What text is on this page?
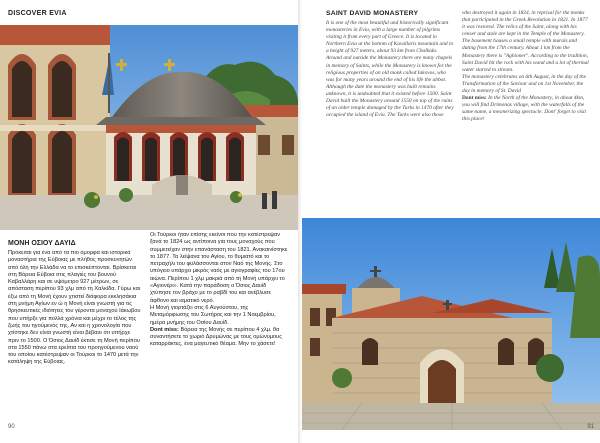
DISCOVER EVIA	SAINT DAVID MONASTERY

It is one of the most beautiful and historically significant monasteries in Evia, with a large number of pilgrims visiting it from every part of Greece. It is located in Northern Evia at the bottom of Kavallaris mountain and in a height of 927 meters, about 93 km from Chalkida. Around and outside the Monastery there are many chapels in memory of Saints, while the Monastery is known for the religious properties of an old monk called Iakovos, who was for many years around the end of his life the abbot. Although the date the monastery was built remains unknown, it is undoubted that it existed before 1500. Saint David built the Monastery around 1550 on top of the ruins of an older temple damaged by the Turks in 1470 after they occupied the island of Evia. The Turks were also those

who destroyed it again in 1824, in reprisal for the monks that participated in the Greek Revolution in 1821. In 1877 it was restored. The relics of the Saint, along with his censer and stole are kept in the Temple of the Monastery. The basement houses a small temple with murals and dating from the 17th century. About 1 km from the Monastery there is "Aghioner". According to the tradition, Saint David hit the rock with his wand and a lot of thermal water started to stream.

The monastery celebrates on 6th August, in the day of the Transformation of the Saviour and on 1st November, the day in memory of St. David

Dont miss: In the North of the Monastery, in about 4km, you will find Drimonas village, with the waterfalls of the same name, a mesmerizing spectacle. Dont' forget to visit this place!

ΜΟΝΗ ΟΣΙΟΥ ΔΑΥΙΔ

Πρόκειται για ένα από τα πιο όμορφα και ιστορικά μοναστήρια της Εύβοιας με πλήθος προσκυνητών από όλη την Ελλάδα να το επισκέπτονται. Βρίσκεται στη Βόρεια Εύβοια στις πλαγιές του βουνού Καβαλλάρη και σε υψόμετρο 927 μέτρων, σε απόσταση περίπου 93 χλμ από τη Χαλκίδα. Γύρω και έξω από τη Μονή έχουν χτιστεί διάφορα εκκλησάκια στη μνήμη Αγίων εν ώ η Μονή είναι γνωστή για τις θρησκευτικές ιδιότητες του γέροντα μοναχού Ιάκωβου που υπήρξε για πολλά χρόνια και μέχρι το τέλος της ζωής του ηγούμενός της. Αν και η χρονολογία που χτίστηκε δεν είναι γνωστή είναι βέβαιο ότι υπήρχε πριν το 1500. Ο Όσιος Δαυίδ έκτισε τη Μονή περίπου στα 1550 πάνω στα ερείπια του προηγούμενου ναού του οποίου κατέστρεψαν οι Τούρκοι το 1470 μετά την κατάληψη της Εύβοιας.

Οι Τούρκοι ήταν επίσης εκείνοι που την κατέστρεψαν ξανά το 1824 ως αντίποινα για τους μοναχούς που συμμετείχαν στην επανάσταση του 1821. Ανακαινίστηκε το 1877. Τα λείψανα του Αγίου, το θυμιατό και το πετραχήλι του φυλάσσονται στον Ναό της Μονής. Στο υπόγειο υπάρχει μικρός ναός με αγιογραφίες του 17ου αιώνα. Περίπου 1 χλμ μακριά από τη Μονή υπάρχει το «Αγιονέρι». Κατά την παράδοση ο Όσιος Δαυίδ χτύπησε τον βράχο με το ραβδί του και ανέβλυσε άφθονο και ιαματικό νερό.

Η Μονή γιορτάζει στις 6 Αυγούστου, της Μεταμόρφωσης του Σωτήρος και την 1 Νοεμβρίου, ημέρα μνήμης του Οσίου Δαυίδ.

Dont miss: Βόρεια της Μονής σε περίπου 4 χλμ. θα συναντήσετε το χωριό Δρυμώνας με τους ομώνυμους καταρράκτες, ένα μαγευτικό θέαμα. Μην το χάσετε!

90	91
